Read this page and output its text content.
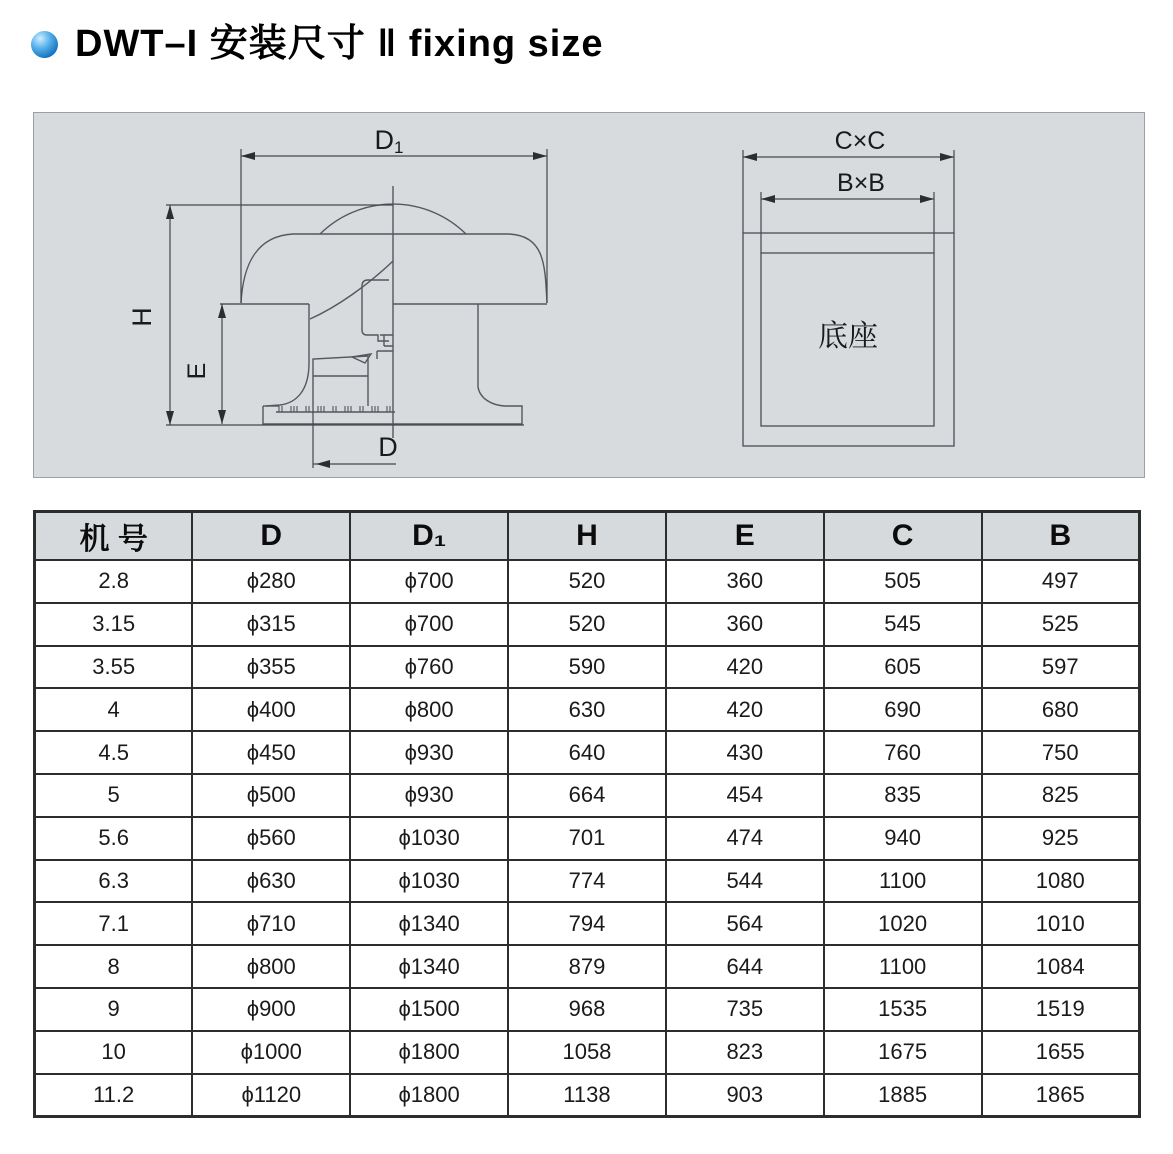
DWT–I 安装尺寸 ‖ fixing size
D1
H
E
D
C×C
B×B
底座
机 号	D	D₁	H	E	C	B
2.8	ϕ280	ϕ700	520	360	505	497
3.15	ϕ315	ϕ700	520	360	545	525
3.55	ϕ355	ϕ760	590	420	605	597
4	ϕ400	ϕ800	630	420	690	680
4.5	ϕ450	ϕ930	640	430	760	750
5	ϕ500	ϕ930	664	454	835	825
5.6	ϕ560	ϕ1030	701	474	940	925
6.3	ϕ630	ϕ1030	774	544	1100	1080
7.1	ϕ710	ϕ1340	794	564	1020	1010
8	ϕ800	ϕ1340	879	644	1100	1084
9	ϕ900	ϕ1500	968	735	1535	1519
10	ϕ1000	ϕ1800	1058	823	1675	1655
11.2	ϕ1120	ϕ1800	1138	903	1885	1865
